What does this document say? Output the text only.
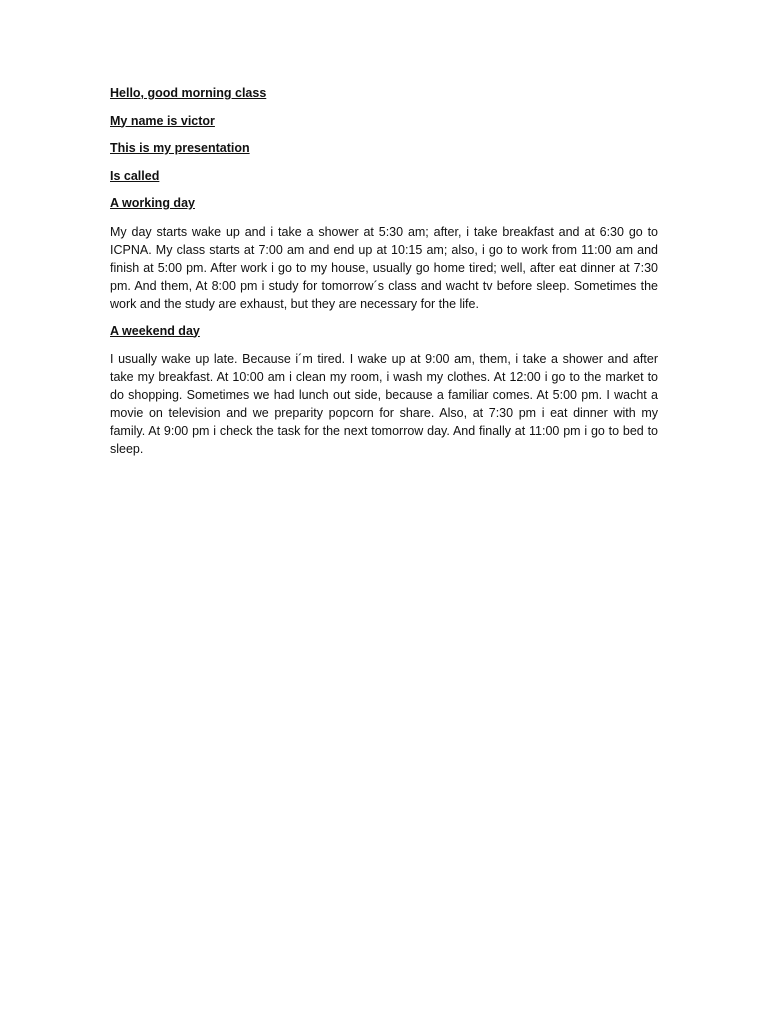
Hello, good morning class

My name is victor

This is my presentation

Is called

A working day

My day starts wake up and i take a shower at 5:30 am; after, i take breakfast and at 6:30 go to ICPNA. My class starts at 7:00 am and end up at 10:15 am; also, i go to work from 11:00 am and finish at 5:00 pm. After work i go to my house, usually go home tired; well, after eat dinner at 7:30 pm. And them, At 8:00 pm i study for tomorrow´s class and wacht tv before sleep. Sometimes the work and the study are exhaust, but they are necessary for the life.

A weekend day

I usually wake up late. Because i´m tired. I wake up at 9:00 am, them, i take a shower and after take my breakfast. At 10:00 am i clean my room, i wash my clothes. At 12:00 i go to the market to do shopping. Sometimes we had lunch out side, because a familiar comes. At 5:00 pm. I wacht a movie on television and we preparity popcorn for share. Also, at 7:30 pm i eat dinner with my family. At 9:00 pm i check the task for the next tomorrow day. And finally at 11:00 pm i go to bed to sleep.
